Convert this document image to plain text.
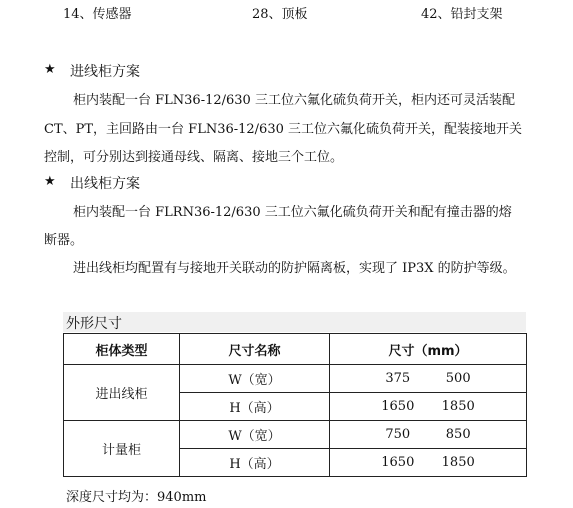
14、传感器	28、顶板	42、铅封支架
★ 进线柜方案
柜内装配一台 FLN36-12/630 三工位六氟化硫负荷开关，柜内还可灵活装配
CT、PT，主回路由一台 FLN36-12/630 三工位六氟化硫负荷开关，配装接地开关
控制，可分别达到接通母线、隔离、接地三个工位。
★ 出线柜方案
柜内装配一台 FLRN36-12/630 三工位六氟化硫负荷开关和配有撞击器的熔
断器。
进出线柜均配置有与接地开关联动的防护隔离板，实现了 IP3X 的防护等级。
外形尺寸
柜体类型	尺寸名称	尺寸（mm）
进出线柜	W（宽）	375 500
	H（高）	1650 1850
计量柜	W（宽）	750 850
	H（高）	1650 1850
深度尺寸均为：940mm
